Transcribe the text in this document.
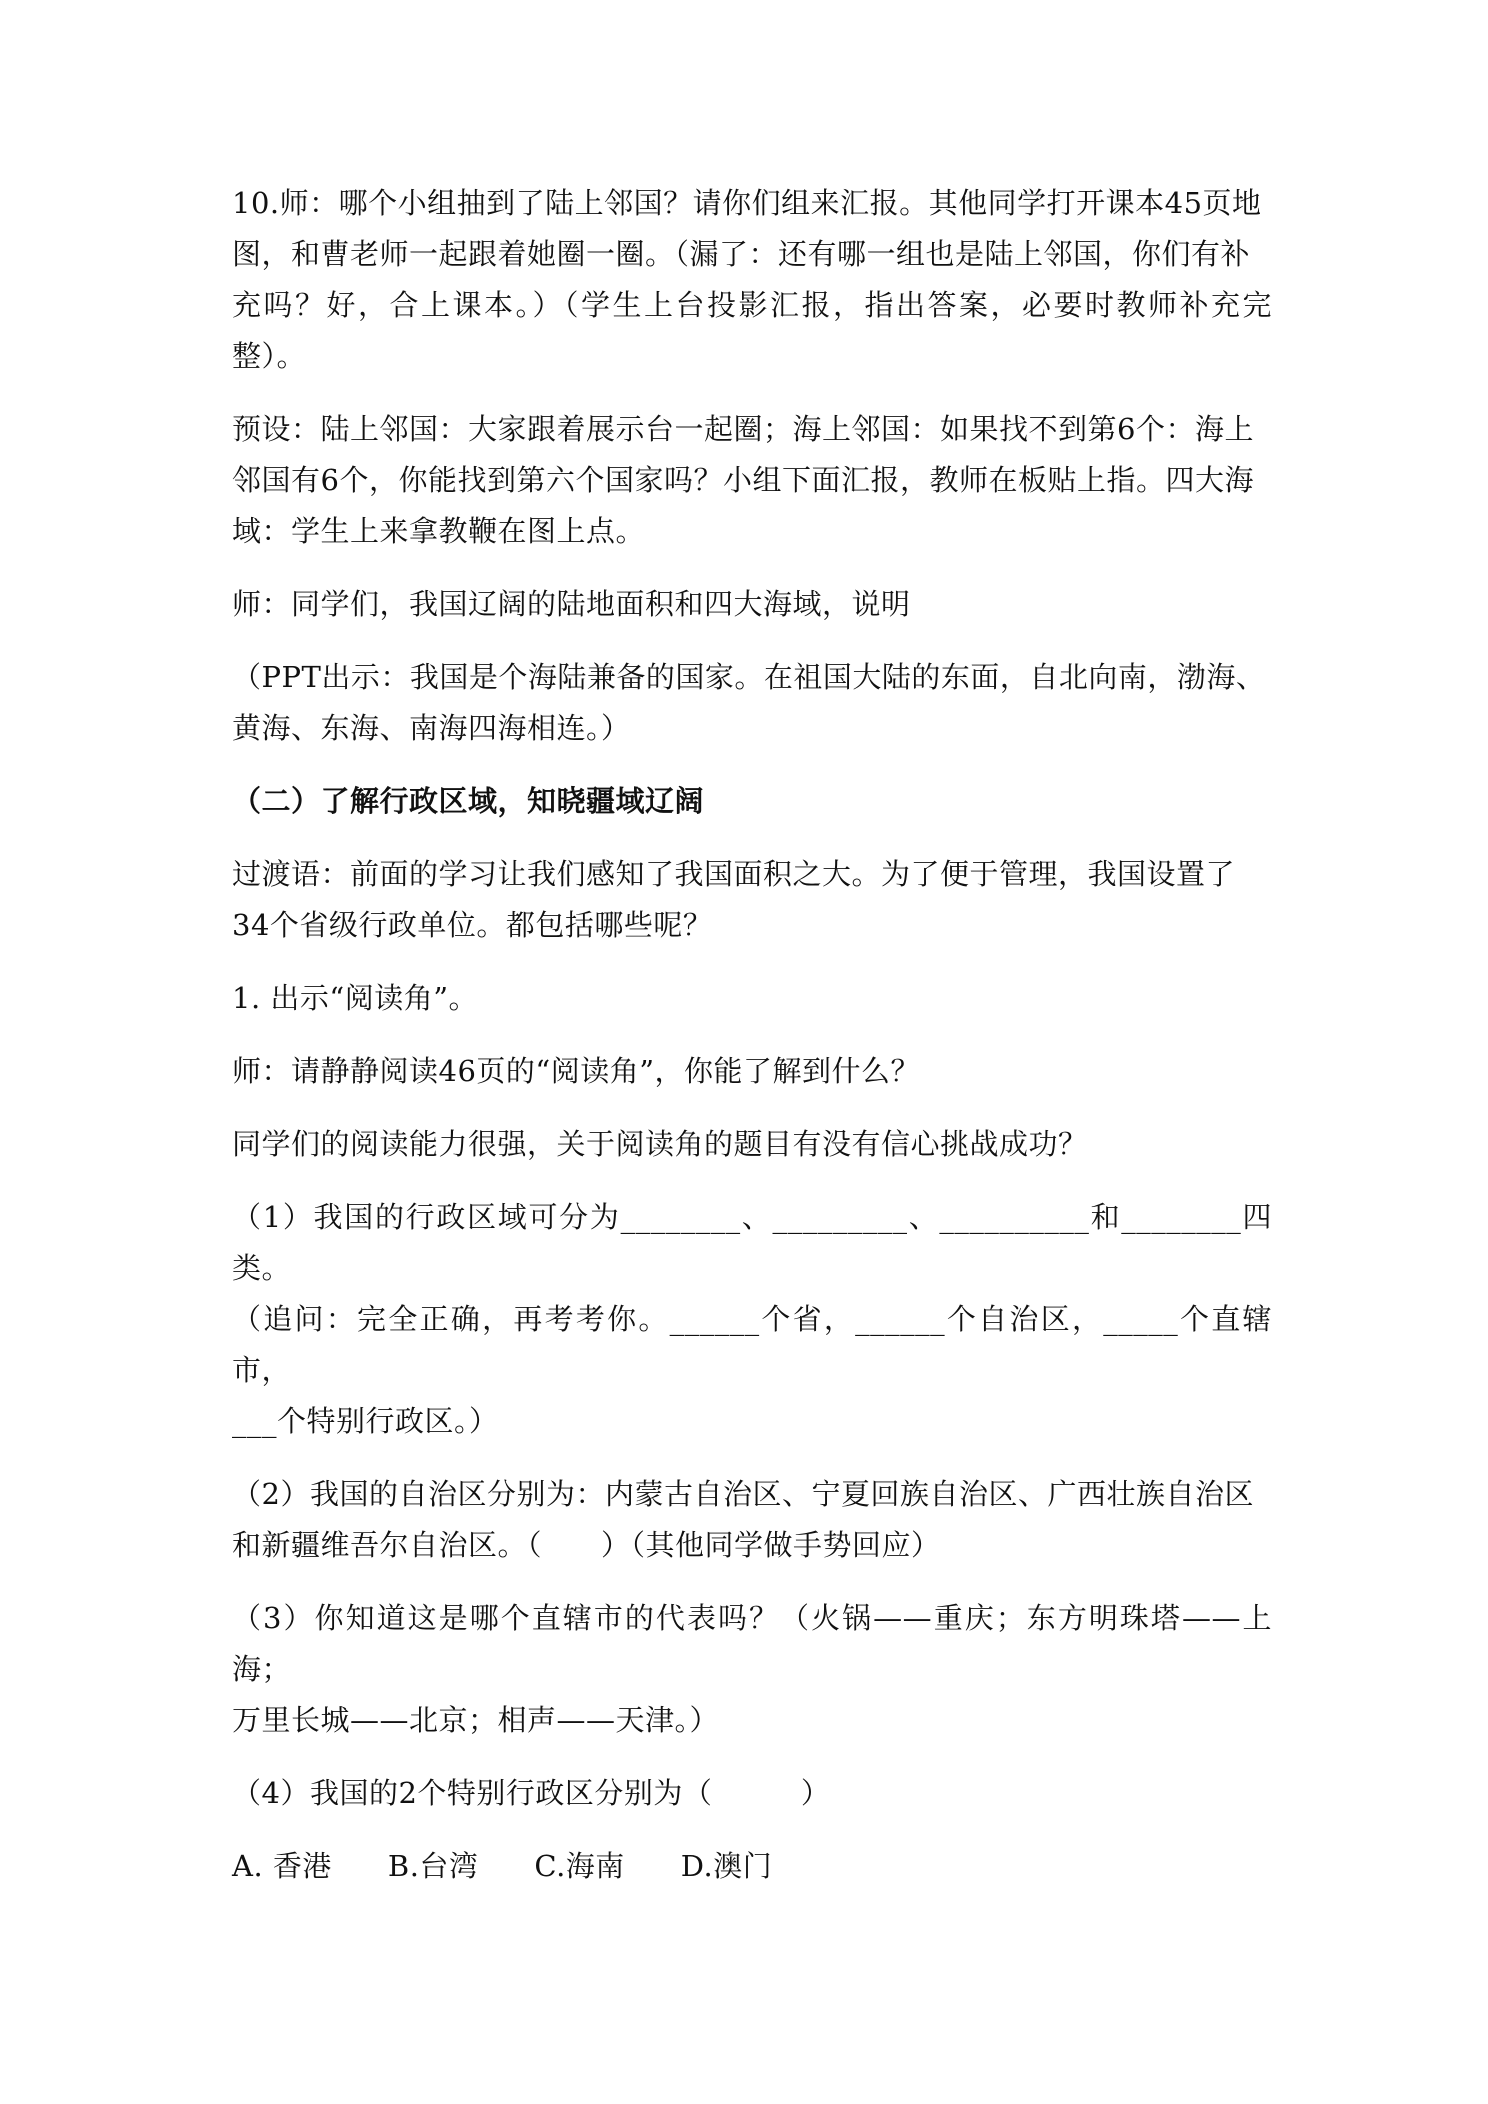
10.师：哪个小组抽到了陆上邻国？请你们组来汇报。其他同学打开课本45页地
图，和曹老师一起跟着她圈一圈。（漏了：还有哪一组也是陆上邻国，你们有补
充吗？好，合上课本。）（学生上台投影汇报，指出答案，必要时教师补充完整）。
预设：陆上邻国：大家跟着展示台一起圈；海上邻国：如果找不到第6个：海上
邻国有6个，你能找到第六个国家吗？小组下面汇报，教师在板贴上指。四大海
域：学生上来拿教鞭在图上点。
师：同学们，我国辽阔的陆地面积和四大海域，说明
（PPT出示：我国是个海陆兼备的国家。在祖国大陆的东面，自北向南，渤海、
黄海、东海、南海四海相连。）
（二）了解行政区域，知晓疆域辽阔
过渡语：前面的学习让我们感知了我国面积之大。为了便于管理，我国设置了
34个省级行政单位。都包括哪些呢？
1. 出示“阅读角”。
师：请静静阅读46页的“阅读角”，你能了解到什么？
同学们的阅读能力很强，关于阅读角的题目有没有信心挑战成功？
（1）我国的行政区域可分为________、_________、__________和________四类。
（追问：完全正确，再考考你。______个省，______个自治区，_____个直辖市，
___个特别行政区。）
（2）我国的自治区分别为：内蒙古自治区、宁夏回族自治区、广西壮族自治区
和新疆维吾尔自治区。（　　）（其他同学做手势回应）
（3）你知道这是哪个直辖市的代表吗？（火锅——重庆；东方明珠塔——上海；
万里长城——北京；相声——天津。）
（4）我国的2个特别行政区分别为（　　　）
A. 香港 B.台湾 C.海南 D.澳门
